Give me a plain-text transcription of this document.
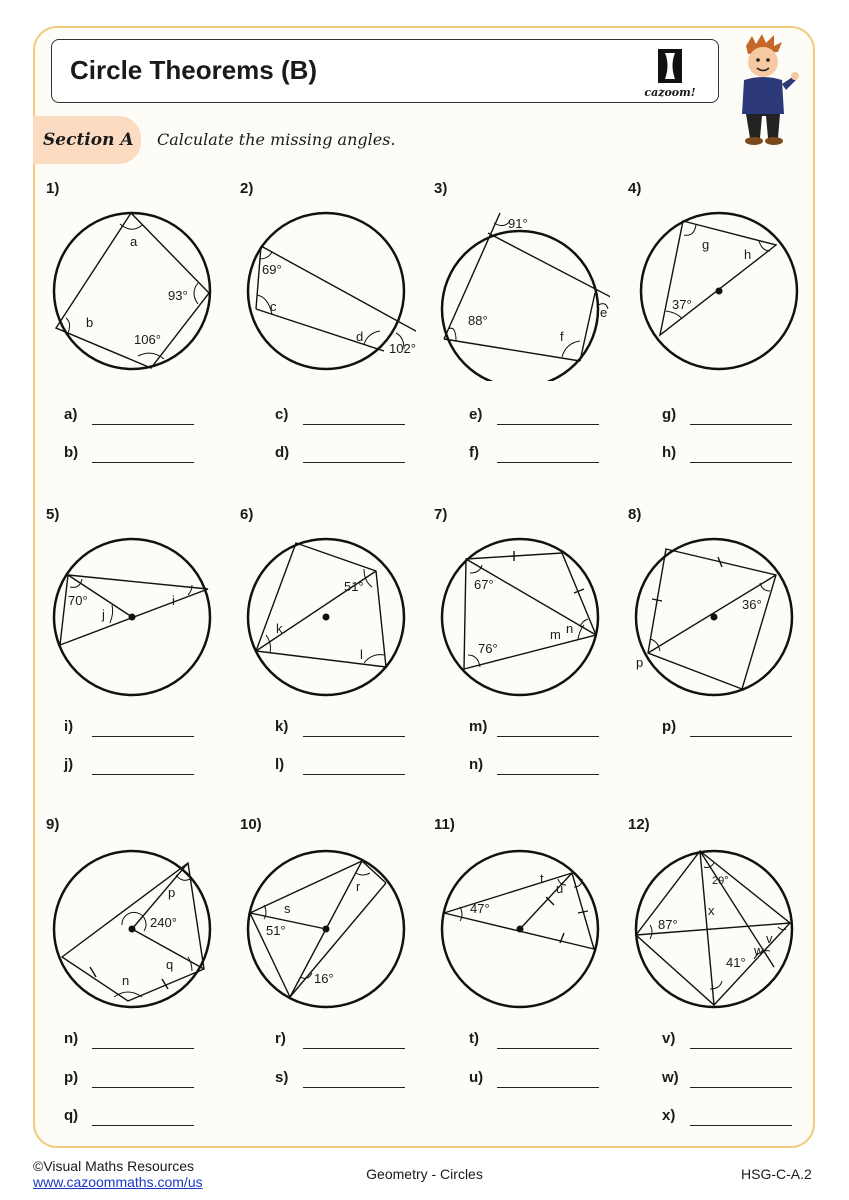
Circle Theorems (B)
cazoom!
Section A Calculate the missing angles.
1)	2)	3)	4)
5)	6)	7)	8)
9)	10)	11)	12)
a
93°
b
106°
69°
c
d
102°
91°
88°
e
f
g
h
37°
70°	i
j
51°
k
l
67°
n
m
76°
36°
p
p
240°
q
n
s
r
51°
16°
t
u
47°
29°
87°
x
v
w
41°
a)
b)
c)
d)
e)
f)
g)
h)
i)
j)
k)
l)
m)
n)
p)
n)
p)
q)
r)
s)
t)
u)
v)
w)
x)
©Visual Maths Resources
www.cazoommaths.com/us	Geometry - Circles	HSG-C-A.2
